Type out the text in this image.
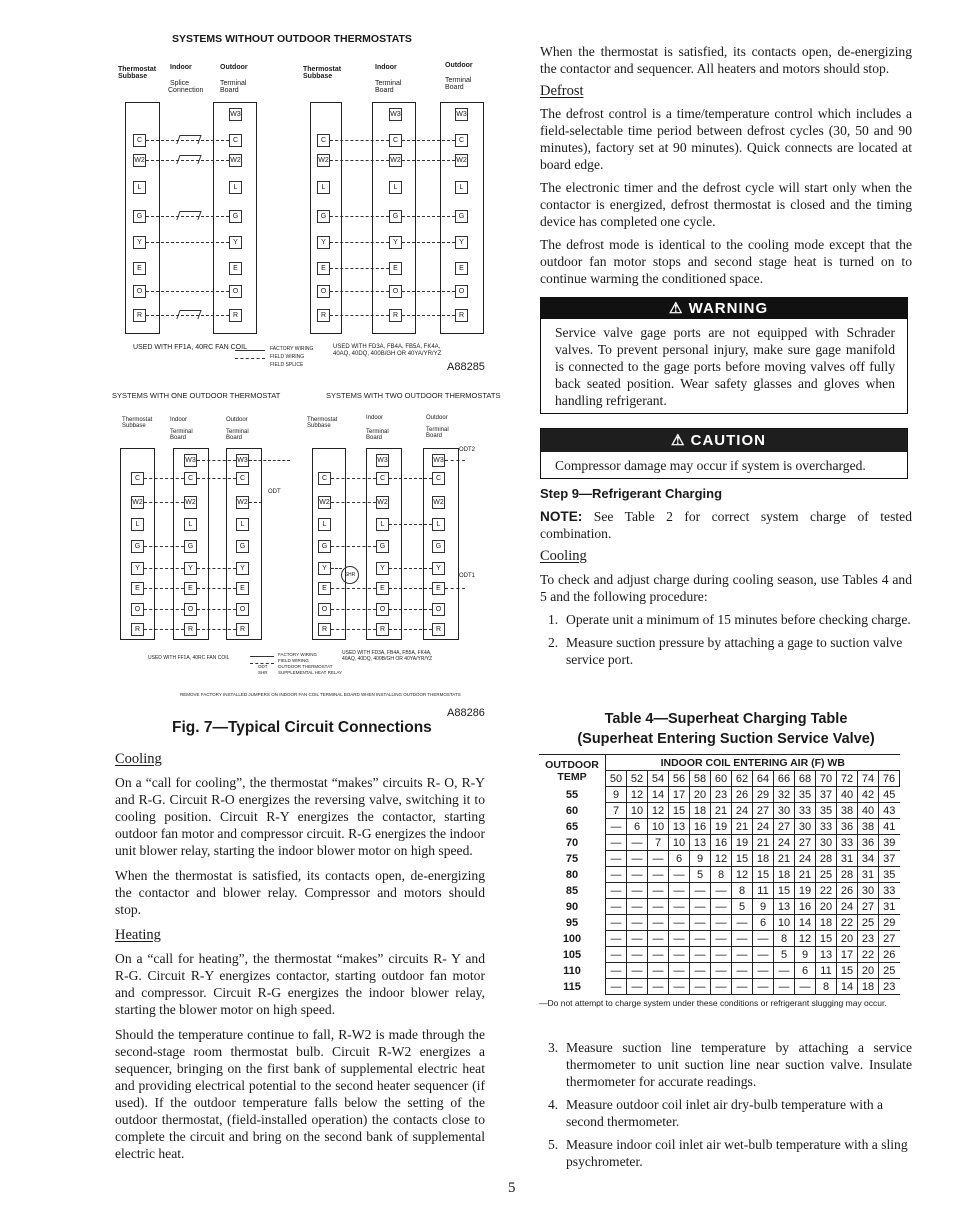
SYSTEMS WITHOUT OUTDOOR THERMOSTATS
Thermostat
Subbase
Indoor
Splice
Connection
Outdoor
Terminal
Board
Thermostat
Subbase
Indoor
Terminal
Board
Outdoor
Terminal
Board
W3
C	C
W2	W2
L	L
G	G
Y	Y
E	E
O	O
R	R
W3	W3
C	C	C
W2	W2	W2
L	L	L
G	G	G
Y	Y	Y
E	E	E
O	O	O
R	R	R
W3	W3
C	C	C
W2	W2	W2
L	L	L
G	G	G
Y	Y	Y
E	E	E
O	O	O
R	R	R
W3	W3
C	C	C
W2	W2	W2
L	L	L
G	G	G
Y	Y	Y
E	E	E
O	O	O
R	R	R
USED WITH FF1A, 40RC FAN COIL	FACTORY WIRING
FIELD WIRING
FIELD SPLICE
USED WITH FD3A, FB4A, FB5A, FK4A, 40AQ, 40DQ, 400B/GH OR 40YA/YR/YZ
A88285
SYSTEMS WITH ONE OUTDOOR THERMOSTAT	SYSTEMS WITH TWO OUTDOOR THERMOSTATS
Thermostat
Subbase
Indoor
Terminal
Board
Outdoor
Terminal
Board
Thermostat
Subbase
Indoor
Terminal
Board
Outdoor
Terminal
Board
ODT
ODT2
ODT1
SHR
USED WITH FF1A, 40RC FAN COIL
FACTORY WIRING
FIELD WIRING
ODT OUTDOOR THERMOSTAT
SHR SUPPLEMENTAL HEAT RELAY
USED WITH FD3A, FB4A, FB5A, FK4A, 40AQ, 40DQ, 400B/GH OR 40YA/YR/YZ
REMOVE FACTORY INSTALLED JUMPERS ON INDOOR FAN COIL TERMINAL BOARD WHEN INSTALLING OUTDOOR THERMOSTATS
A88286
Fig. 7—Typical Circuit Connections
Cooling

On a “call for cooling”, the thermostat “makes” circuits R- O, R-Y and R-G. Circuit R-O energizes the reversing valve, switching it to cooling position. Circuit R-Y energizes the contactor, starting outdoor fan motor and compressor circuit. R-G energizes the indoor unit blower relay, starting the indoor blower motor on high speed.

When the thermostat is satisfied, its contacts open, de-energizing the contactor and blower relay. Compressor and motors should stop.

Heating

On a “call for heating”, the thermostat “makes” circuits R- Y and R-G. Circuit R-Y energizes contactor, starting outdoor fan motor and compressor. Circuit R-G energizes the indoor blower relay, starting the blower motor on high speed.

Should the temperature continue to fall, R-W2 is made through the second-stage room thermostat bulb. Circuit R-W2 energizes a sequencer, bringing on the first bank of supplemental electric heat and providing electrical potential to the second heater sequencer (if used). If the outdoor temperature falls below the setting of the outdoor thermostat, (field-installed operation) the contacts close to complete the circuit and bring on the second bank of supplemental electric heat.

When the thermostat is satisfied, its contacts open, de-energizing the contactor and sequencer. All heaters and motors should stop.

Defrost

The defrost control is a time/temperature control which includes a field-selectable time period between defrost cycles (30, 50 and 90 minutes), factory set at 90 minutes). Quick connects are located at board edge.

The electronic timer and the defrost cycle will start only when the contactor is energized, defrost thermostat is closed and the timing device has completed one cycle.

The defrost mode is identical to the cooling mode except that the outdoor fan motor stops and second stage heat is turned on to continue warming the conditioned space.

⚠ WARNING

Service valve gage ports are not equipped with Schrader valves. To prevent personal injury, make sure gage manifold is connected to the gage ports before moving valves off fully back seated position. Wear safety glasses and gloves when handling refrigerant.

⚠ CAUTION

Compressor damage may occur if system is overcharged.

Step 9—Refrigerant Charging

NOTE: See Table 2 for correct system charge of tested combination.

Cooling

To check and adjust charge during cooling season, use Tables 4 and 5 and the following procedure:

1. Operate unit a minimum of 15 minutes before checking charge.
2. Measure suction pressure by attaching a gage to suction valve service port.
Table 4—Superheat Charging Table
(Superheat Entering Suction Service Valve)
OUTDOOR
TEMP	INDOOR COIL ENTERING AIR (F) WB													
	50	52	54	56	58	60	62	64	66	68	70	72	74	76
55	9	12	14	17	20	23	26	29	32	35	37	40	42	45
60	7	10	12	15	18	21	24	27	30	33	35	38	40	43
65	—	6	10	13	16	19	21	24	27	30	33	36	38	41
70	—	—	7	10	13	16	19	21	24	27	30	33	36	39
75	—	—	—	6	9	12	15	18	21	24	28	31	34	37
80	—	—	—	—	5	8	12	15	18	21	25	28	31	35
85	—	—	—	—	—	—	8	11	15	19	22	26	30	33
90	—	—	—	—	—	—	5	9	13	16	20	24	27	31
95	—	—	—	—	—	—	—	6	10	14	18	22	25	29
100	—	—	—	—	—	—	—	—	8	12	15	20	23	27
105	—	—	—	—	—	—	—	—	5	9	13	17	22	26
110	—	—	—	—	—	—	—	—	—	6	11	15	20	25
115	—	—	—	—	—	—	—	—	—	—	8	14	18	23
—Do not attempt to charge system under these conditions or refrigerant slugging may occur.
3. Measure suction line temperature by attaching a service thermometer to unit suction line near suction valve. Insulate thermometer for accurate readings.
4. Measure outdoor coil inlet air dry-bulb temperature with a second thermometer.
5. Measure indoor coil inlet air wet-bulb temperature with a sling psychrometer.
5
